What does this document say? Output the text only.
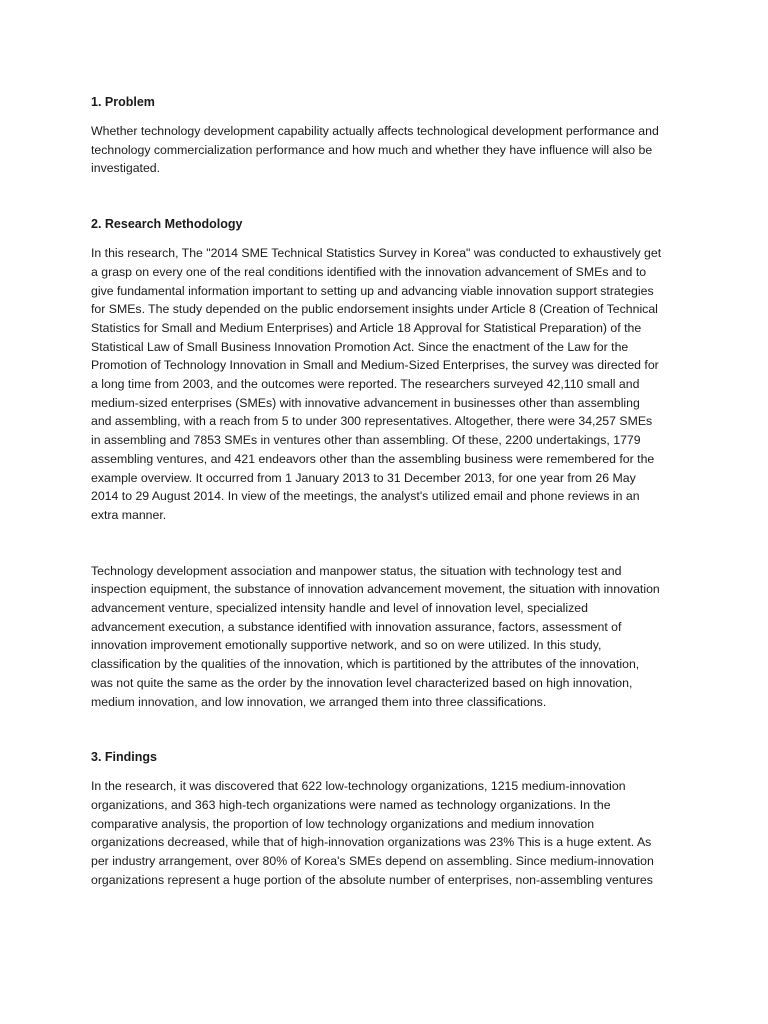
1. Problem

Whether technology development capability actually affects technological development performance and technology commercialization performance and how much and whether they have influence will also be investigated.

2. Research Methodology

In this research, The "2014 SME Technical Statistics Survey in Korea" was conducted to exhaustively get a grasp on every one of the real conditions identified with the innovation advancement of SMEs and to give fundamental information important to setting up and advancing viable innovation support strategies for SMEs. The study depended on the public endorsement insights under Article 8 (Creation of Technical Statistics for Small and Medium Enterprises) and Article 18 Approval for Statistical Preparation) of the Statistical Law of Small Business Innovation Promotion Act. Since the enactment of the Law for the Promotion of Technology Innovation in Small and Medium-Sized Enterprises, the survey was directed for a long time from 2003, and the outcomes were reported. The researchers surveyed 42,110 small and medium-sized enterprises (SMEs) with innovative advancement in businesses other than assembling and assembling, with a reach from 5 to under 300 representatives. Altogether, there were 34,257 SMEs in assembling and 7853 SMEs in ventures other than assembling. Of these, 2200 undertakings, 1779 assembling ventures, and 421 endeavors other than the assembling business were remembered for the example overview. It occurred from 1 January 2013 to 31 December 2013, for one year from 26 May 2014 to 29 August 2014. In view of the meetings, the analyst's utilized email and phone reviews in an extra manner.

Technology development association and manpower status, the situation with technology test and inspection equipment, the substance of innovation advancement movement, the situation with innovation advancement venture, specialized intensity handle and level of innovation level, specialized advancement execution, a substance identified with innovation assurance, factors, assessment of innovation improvement emotionally supportive network, and so on were utilized. In this study, classification by the qualities of the innovation, which is partitioned by the attributes of the innovation, was not quite the same as the order by the innovation level characterized based on high innovation, medium innovation, and low innovation, we arranged them into three classifications.

3. Findings

In the research, it was discovered that 622 low-technology organizations, 1215 medium-innovation organizations, and 363 high-tech organizations were named as technology organizations. In the comparative analysis, the proportion of low technology organizations and medium innovation organizations decreased, while that of high-innovation organizations was 23% This is a huge extent. As per industry arrangement, over 80% of Korea's SMEs depend on assembling. Since medium-innovation organizations represent a huge portion of the absolute number of enterprises, non-assembling ventures
